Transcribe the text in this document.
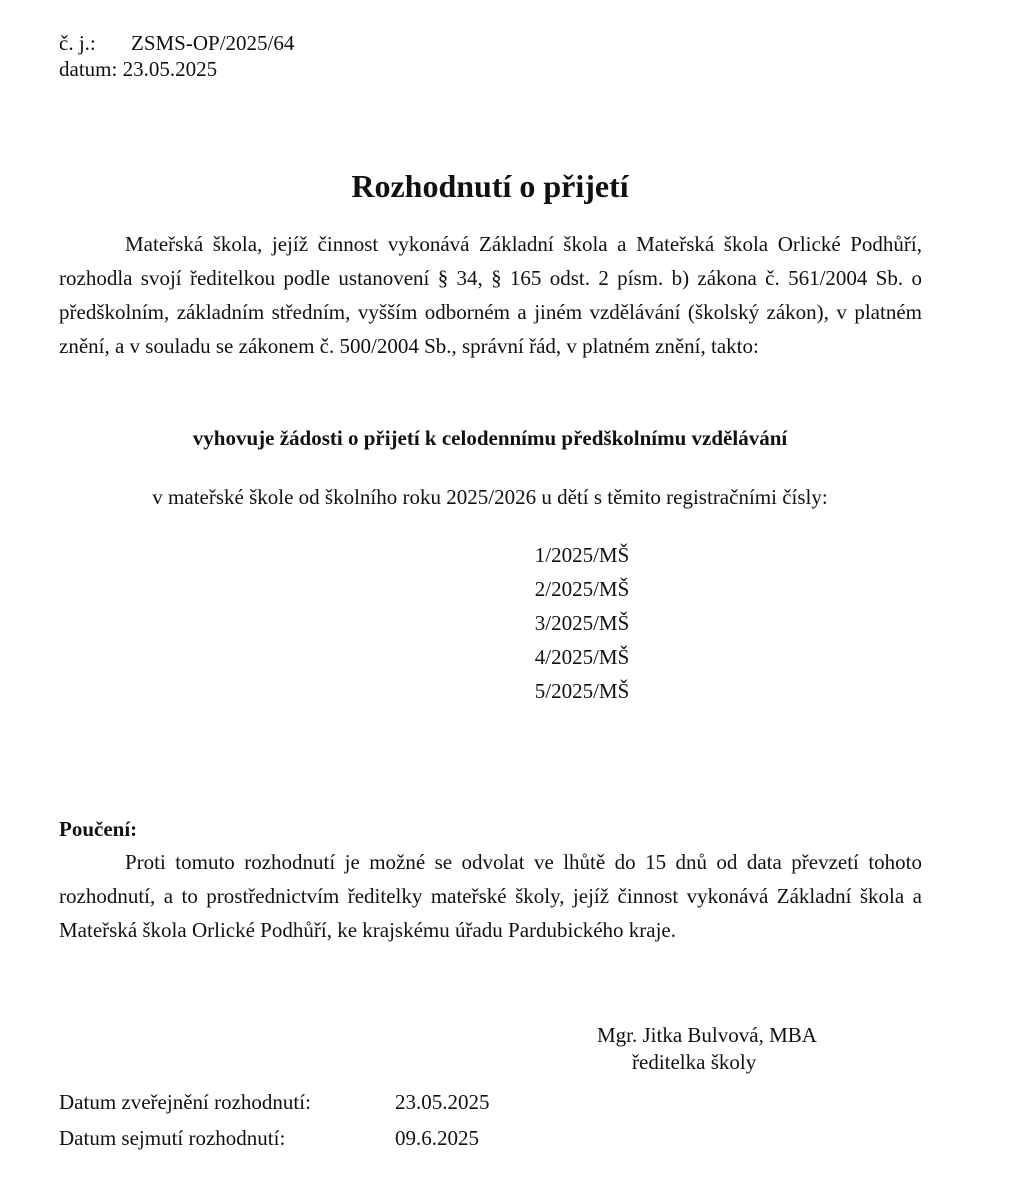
č. j.: ZSMS-OP/2025/64
datum: 23.05.2025
Rozhodnutí o přijetí
Mateřská škola, jejíž činnost vykonává Základní škola a Mateřská škola Orlické Podhůří, rozhodla svojí ředitelkou podle ustanovení § 34, § 165 odst. 2 písm. b) zákona č. 561/2004 Sb. o předškolním, základním středním, vyšším odborném a jiném vzdělávání (školský zákon), v platném znění, a v souladu se zákonem č. 500/2004 Sb., správní řád, v platném znění, takto:
vyhovuje žádosti o přijetí k celodennímu předškolnímu vzdělávání
v mateřské škole od školního roku 2025/2026 u dětí s těmito registračními čísly:
1/2025/MŠ
2/2025/MŠ
3/2025/MŠ
4/2025/MŠ
5/2025/MŠ
Poučení:
Proti tomuto rozhodnutí je možné se odvolat ve lhůtě do 15 dnů od data převzetí tohoto rozhodnutí, a to prostřednictvím ředitelky mateřské školy, jejíž činnost vykonává Základní škola a Mateřská škola Orlické Podhůří, ke krajskému úřadu Pardubického kraje.
Mgr. Jitka Bulvová, MBA
ředitelka školy
Datum zveřejnění rozhodnutí:	23.05.2025
Datum sejmutí rozhodnutí:	09.6.2025
